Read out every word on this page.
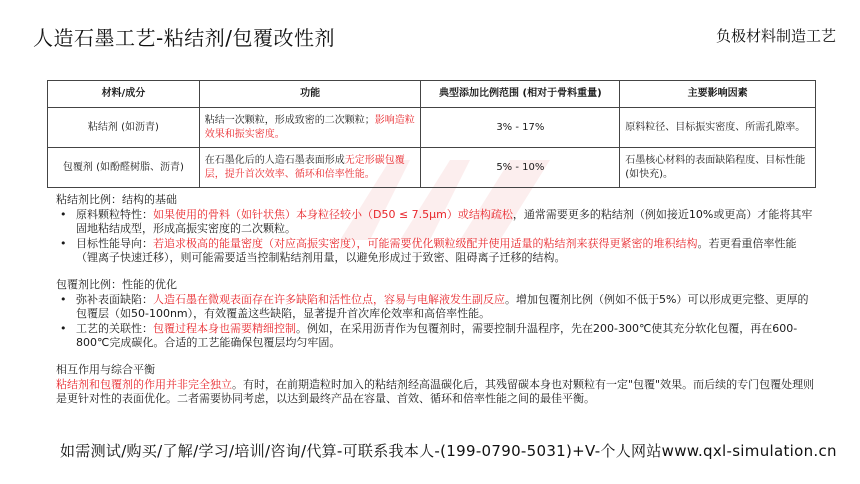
人造石墨工艺-粘结剂/包覆改性剂	负极材料制造工艺
材料/成分	功能	典型添加比例范围 (相对于骨料重量)	主要影响因素
粘结剂 (如沥青)	粘结一次颗粒，形成致密的二次颗粒；影响造粒效果和振实密度。	3% - 17%	原料粒径、目标振实密度、所需孔隙率。
包覆剂 (如酚醛树脂、沥青)	在石墨化后的人造石墨表面形成无定形碳包覆层，提升首次效率、循环和倍率性能。	5% - 10%	石墨核心材料的表面缺陷程度、目标性能 (如快充)。

粘结剂比例：结构的基础

• 原料颗粒特性：如果使用的骨料（如针状焦）本身粒径较小（D50 ≤ 7.5μm）或结构疏松，通常需要更多的粘结剂（例如接近10%或更高）才能将其牢固地粘结成型，形成高振实密度的二次颗粒。
• 目标性能导向：若追求极高的能量密度（对应高振实密度），可能需要优化颗粒级配并使用适量的粘结剂来获得更紧密的堆积结构。若更看重倍率性能（锂离子快速迁移），则可能需要适当控制粘结剂用量，以避免形成过于致密、阻碍离子迁移的结构。

包覆剂比例：性能的优化

• 弥补表面缺陷：人造石墨在微观表面存在许多缺陷和活性位点，容易与电解液发生副反应。增加包覆剂比例（例如不低于5%）可以形成更完整、更厚的包覆层（如50-100nm），有效覆盖这些缺陷，显著提升首次库伦效率和高倍率性能。
• 工艺的关联性：包覆过程本身也需要精细控制。例如，在采用沥青作为包覆剂时，需要控制升温程序，先在200-300℃使其充分软化包覆，再在600-800℃完成碳化。合适的工艺能确保包覆层均匀牢固。

相互作用与综合平衡

粘结剂和包覆剂的作用并非完全独立。有时，在前期造粒时加入的粘结剂经高温碳化后，其残留碳本身也对颗粒有一定"包覆"效果。而后续的专门包覆处理则是更针对性的表面优化。二者需要协同考虑，以达到最终产品在容量、首效、循环和倍率性能之间的最佳平衡。

如需测试/购买/了解/学习/培训/咨询/代算-可联系我本人-(199-0790-5031)+V-个人网站www.qxl-simulation.cn
